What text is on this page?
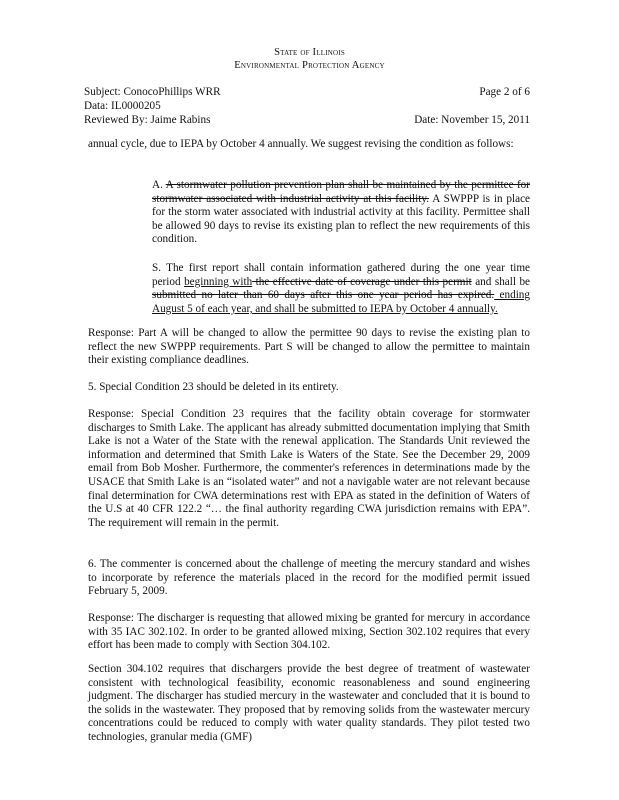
State of Illinois
Environmental Protection Agency
Subject: ConocoPhillips WRR	Page 2 of 6
Data: IL0000205
Reviewed By: Jaime Rabins	Date: November 15, 2011

annual cycle, due to IEPA by October 4 annually. We suggest revising the condition as follows:

A. A stormwater pollution prevention plan shall be maintained by the permittee for stormwater associated with industrial activity at this facility. A SWPPP is in place for the storm water associated with industrial activity at this facility. Permittee shall be allowed 90 days to revise its existing plan to reflect the new requirements of this condition.

S. The first report shall contain information gathered during the one year time period beginning with the effective date of coverage under this permit and shall be submitted no later than 60 days after this one year period has expired. ending August 5 of each year, and shall be submitted to IEPA by October 4 annually.

Response: Part A will be changed to allow the permittee 90 days to revise the existing plan to reflect the new SWPPP requirements. Part S will be changed to allow the permittee to maintain their existing compliance deadlines.

5. Special Condition 23 should be deleted in its entirety.

Response: Special Condition 23 requires that the facility obtain coverage for stormwater discharges to Smith Lake. The applicant has already submitted documentation implying that Smith Lake is not a Water of the State with the renewal application. The Standards Unit reviewed the information and determined that Smith Lake is Waters of the State. See the December 29, 2009 email from Bob Mosher. Furthermore, the commenter's references in determinations made by the USACE that Smith Lake is an “isolated water” and not a navigable water are not relevant because final determination for CWA determinations rest with EPA as stated in the definition of Waters of the U.S at 40 CFR 122.2 “… the final authority regarding CWA jurisdiction remains with EPA”. The requirement will remain in the permit.

6. The commenter is concerned about the challenge of meeting the mercury standard and wishes to incorporate by reference the materials placed in the record for the modified permit issued February 5, 2009.

Response: The discharger is requesting that allowed mixing be granted for mercury in accordance with 35 IAC 302.102. In order to be granted allowed mixing, Section 302.102 requires that every effort has been made to comply with Section 304.102.

Section 304.102 requires that dischargers provide the best degree of treatment of wastewater consistent with technological feasibility, economic reasonableness and sound engineering judgment. The discharger has studied mercury in the wastewater and concluded that it is bound to the solids in the wastewater. They proposed that by removing solids from the wastewater mercury concentrations could be reduced to comply with water quality standards. They pilot tested two technologies, granular media (GMF)
